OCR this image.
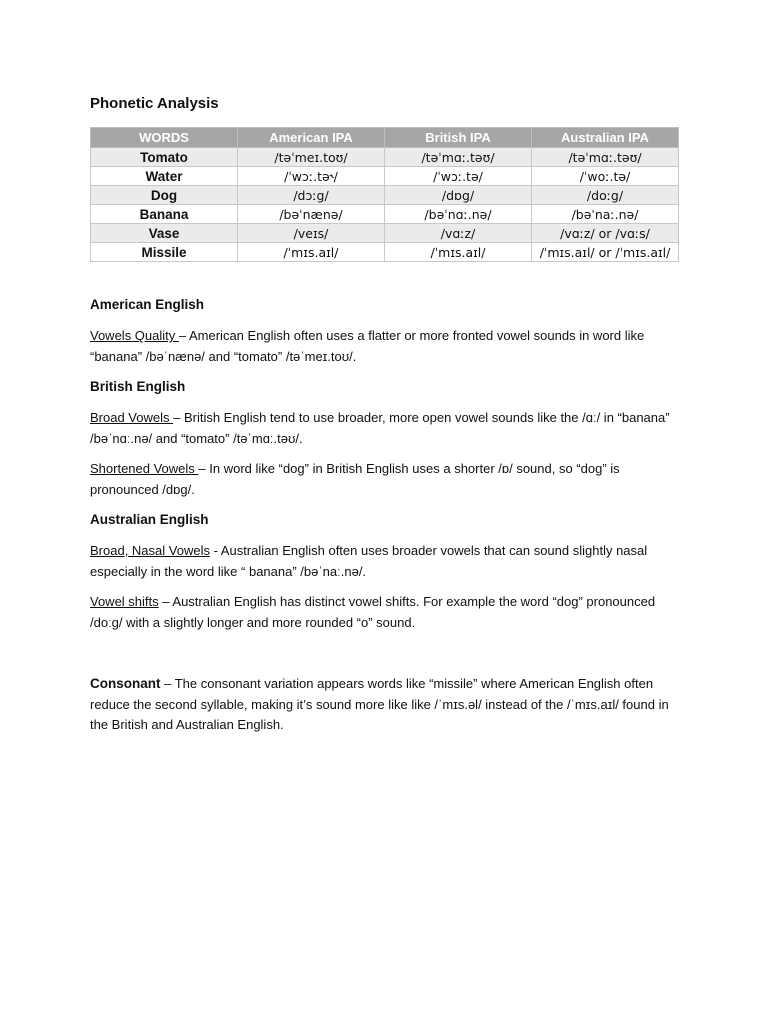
Phonetic Analysis
WORDS	American IPA	British IPA	Australian IPA
Tomato	/təˈmeɪ.toʊ/	/təˈmɑː.təʊ/	/təˈmɑː.təʊ/
Water	/ˈwɔː.tə˞/	/ˈwɔː.tə/	/ˈwoː.tə/
Dog	/dɔːg/	/dɒg/	/doːg/
Banana	/bəˈnænə/	/bəˈnɑː.nə/	/bəˈnaː.nə/
Vase	/veɪs/	/vɑːz/	/vɑːz/ or /vɑːs/
Missile	/ˈmɪs.aɪl/	/ˈmɪs.aɪl/	/ˈmɪs.aɪl/ or /ˈmɪs.aɪl/

American English

Vowels Quality – American English often uses a flatter or more fronted vowel sounds in word like “banana” /bəˈnænə/ and “tomato” /təˈmeɪ.toʊ/.

British English

Broad Vowels – British English tend to use broader, more open vowel sounds like the /ɑː/ in “banana” /bəˈnɑː.nə/ and “tomato” /təˈmɑː.təʊ/.

Shortened Vowels – In word like “dog” in British English uses a shorter /ɒ/ sound, so “dog” is pronounced /dɒg/.

Australian English

Broad, Nasal Vowels - Australian English often uses broader vowels that can sound slightly nasal especially in the word like “ banana” /bəˈnaː.nə/.

Vowel shifts – Australian English has distinct vowel shifts. For example the word “dog” pronounced /doːg/ with a slightly longer and more rounded “o” sound.

Consonant – The consonant variation appears words like “missile” where American English often reduce the second syllable, making it’s sound more like like /ˈmɪs.əl/ instead of the /ˈmɪs.aɪl/ found in the British and Australian English.
